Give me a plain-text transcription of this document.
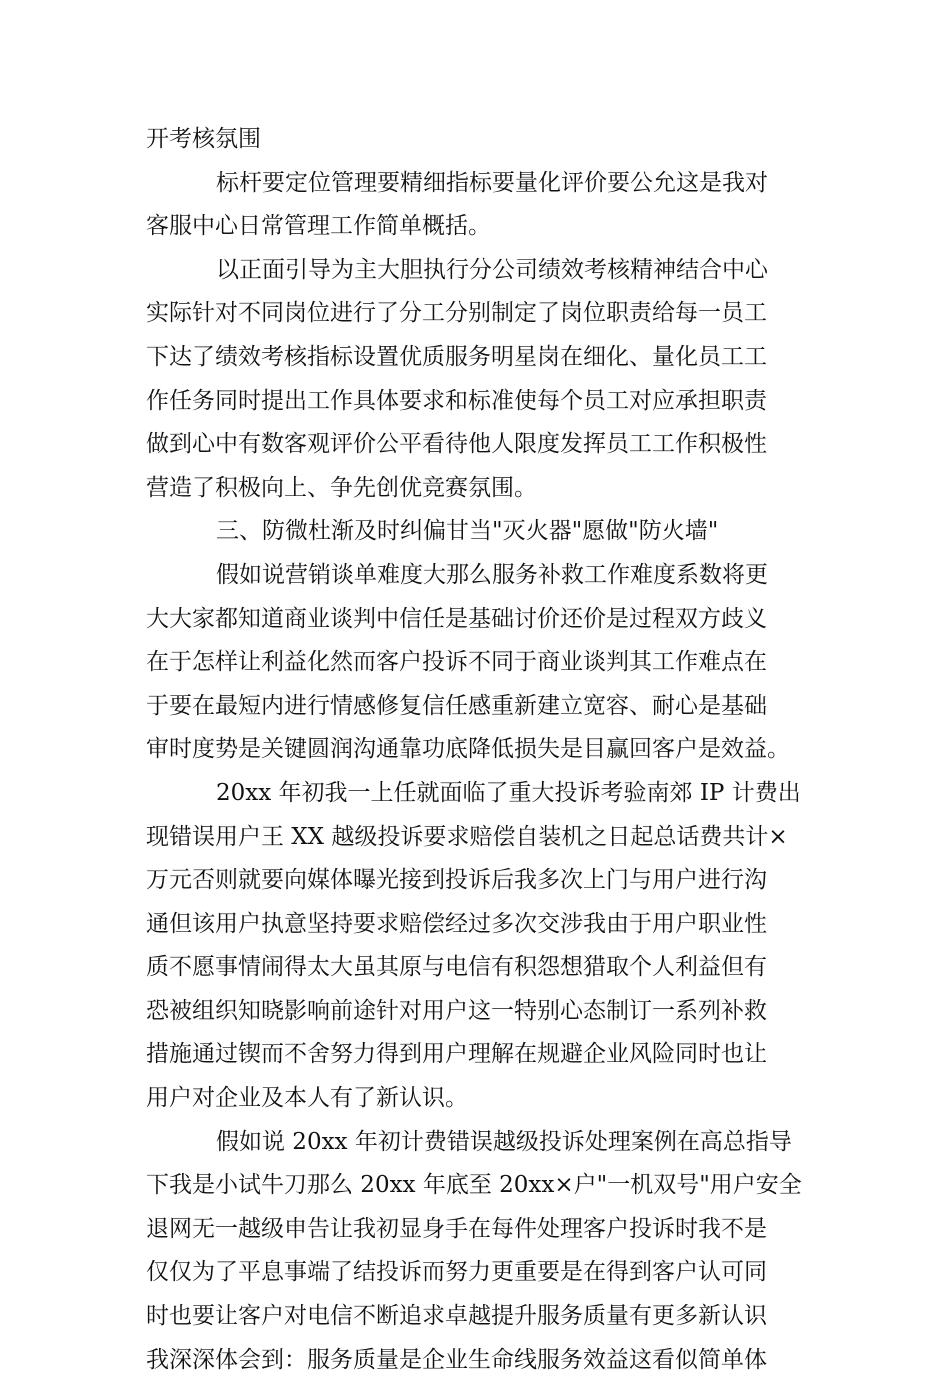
开考核氛围
标杆要定位管理要精细指标要量化评价要公允这是我对
客服中心日常管理工作简单概括。
以正面引导为主大胆执行分公司绩效考核精神结合中心
实际针对不同岗位进行了分工分别制定了岗位职责给每一员工
下达了绩效考核指标设置优质服务明星岗在细化、量化员工工
作任务同时提出工作具体要求和标准使每个员工对应承担职责
做到心中有数客观评价公平看待他人限度发挥员工工作积极性
营造了积极向上、争先创优竞赛氛围。
三、防微杜渐及时纠偏甘当"灭火器"愿做"防火墙"
假如说营销谈单难度大那么服务补救工作难度系数将更
大大家都知道商业谈判中信任是基础讨价还价是过程双方歧义
在于怎样让利益化然而客户投诉不同于商业谈判其工作难点在
于要在最短内进行情感修复信任感重新建立宽容、耐心是基础
审时度势是关键圆润沟通靠功底降低损失是目赢回客户是效益。
20xx 年初我一上任就面临了重大投诉考验南郊 IP 计费出
现错误用户王 XX 越级投诉要求赔偿自装机之日起总话费共计×
万元否则就要向媒体曝光接到投诉后我多次上门与用户进行沟
通但该用户执意坚持要求赔偿经过多次交涉我由于用户职业性
质不愿事情闹得太大虽其原与电信有积怨想猎取个人利益但有
恐被组织知晓影响前途针对用户这一特别心态制订一系列补救
措施通过锲而不舍努力得到用户理解在规避企业风险同时也让
用户对企业及本人有了新认识。
假如说 20xx 年初计费错误越级投诉处理案例在高总指导
下我是小试牛刀那么 20xx 年底至 20xx×户"一机双号"用户安全
退网无一越级申告让我初显身手在每件处理客户投诉时我不是
仅仅为了平息事端了结投诉而努力更重要是在得到客户认可同
时也要让客户对电信不断追求卓越提升服务质量有更多新认识
我深深体会到：服务质量是企业生命线服务效益这看似简单体
